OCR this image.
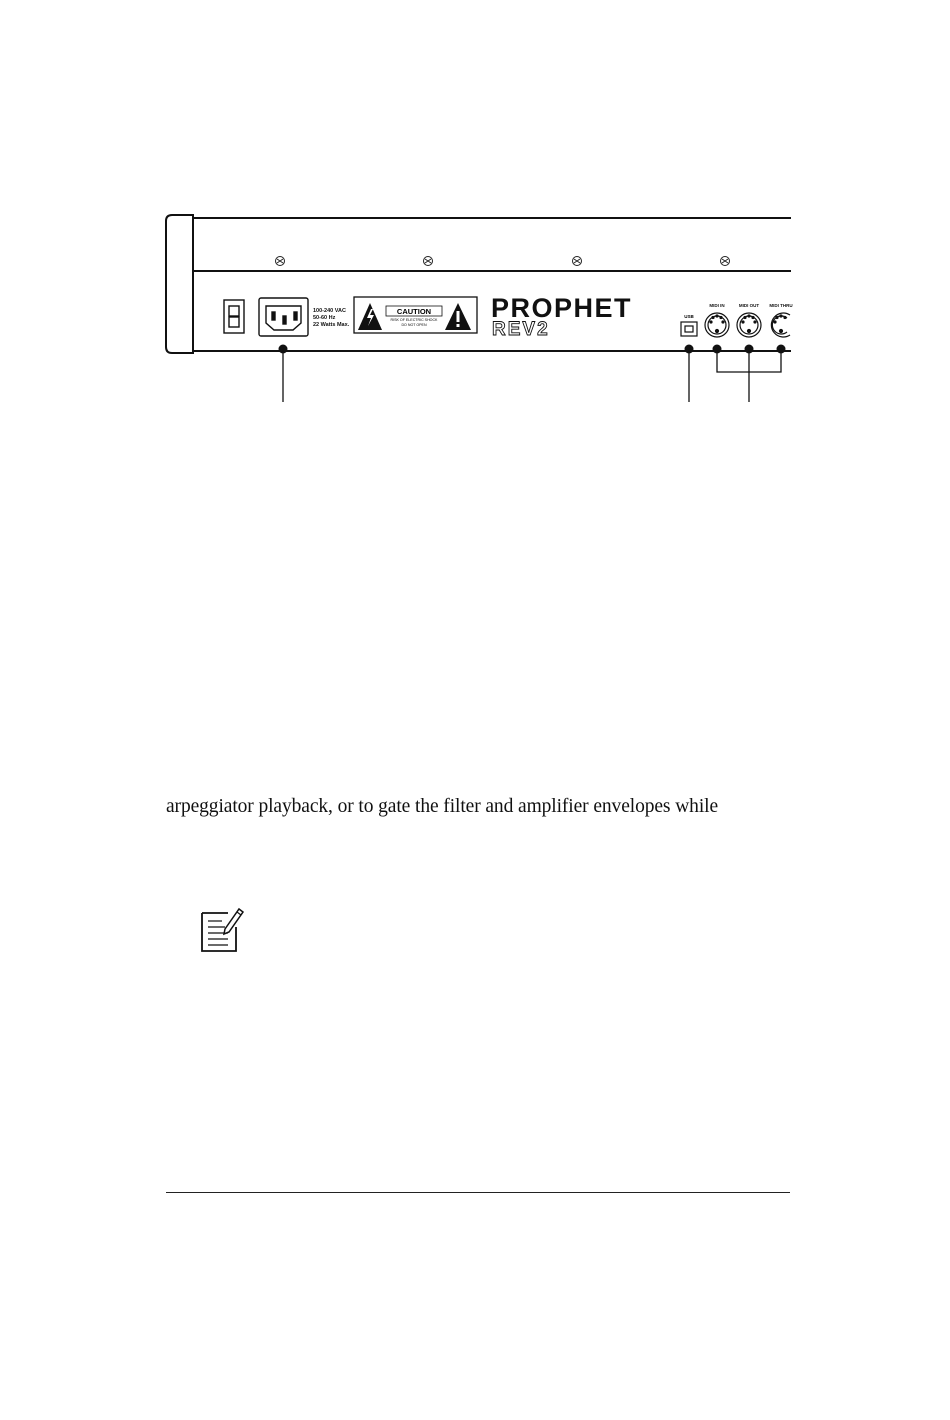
100-240 VAC
50-60 Hz
22 Watts Max.
CAUTION
RISK OF ELECTRIC SHOCK
DO NOT OPEN
PROPHET
REV2
USB
MIDI IN	MIDI OUT MIDI THRU
arpeggiator playback, or to gate the filter and amplifier envelopes while
